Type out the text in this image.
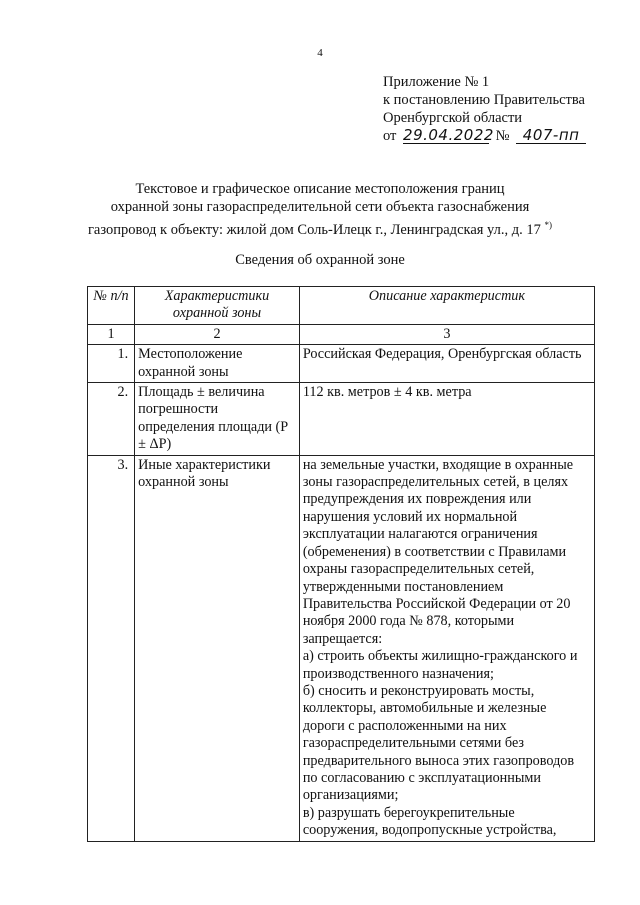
4
Приложение № 1
к постановлению Правительства
Оренбургской области
от 29.04.2022 № 407-пп
Текстовое и графическое описание местоположения границ
охранной зоны газораспределительной сети объекта газоснабжения
газопровод к объекту: жилой дом Соль-Илецк г., Ленинградская ул., д. 17 *)
Сведения об охранной зоне
№ п/п	Характеристики охранной зоны	Описание характеристик
1	2	3
1.	Местоположение охранной зоны	Российская Федерация, Оренбургская область
2.	Площадь ± величина погрешности определения площади (Р ± ΔР)	112 кв. метров ± 4 кв. метра
3.	Иные характеристики охранной зоны	на земельные участки, входящие в охранные зоны газораспределительных сетей, в целях предупреждения их повреждения или нарушения условий их нормальной эксплуатации налагаются ограничения (обременения) в соответствии с Правилами охраны газораспределительных сетей, утвержденными постановлением Правительства Российской Федерации от 20 ноября 2000 года № 878, которыми запрещается:
а) строить объекты жилищно-гражданского и производственного назначения;
б) сносить и реконструировать мосты, коллекторы, автомобильные и железные дороги с расположенными на них газораспределительными сетями без предварительного выноса этих газопроводов по согласованию с эксплуатационными организациями;
в) разрушать берегоукрепительные сооружения, водопропускные устройства,
